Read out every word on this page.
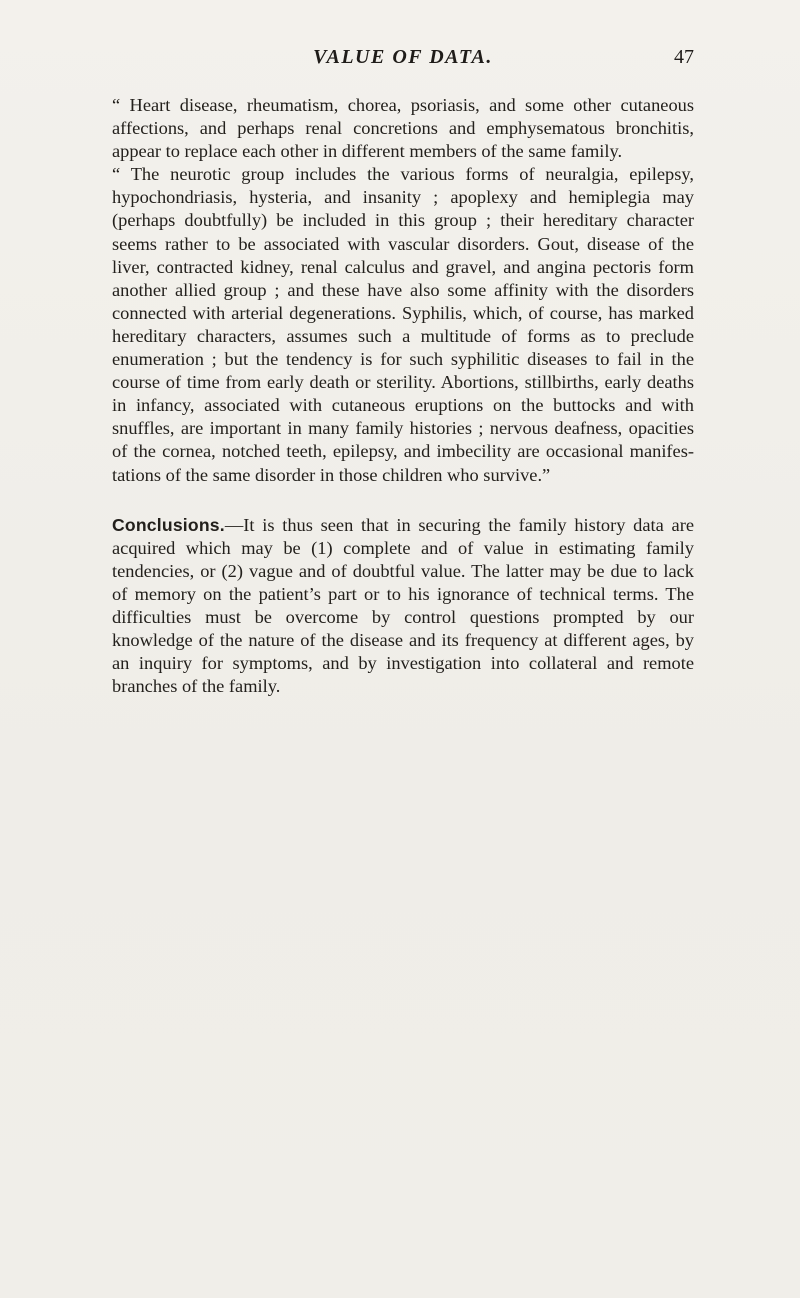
VALUE OF DATA.	47

“ Heart disease, rheumatism, chorea, psoriasis, and some other cutaneous affections, and perhaps renal concretions and emphysematous bronchitis, appear to replace each other in different members of the same family.

“ The neurotic group includes the various forms of neuralgia, epilepsy, hypochondriasis, hysteria, and insanity ; apoplexy and hemiplegia may (perhaps doubtfully) be included in this group ; their hereditary character seems rather to be associated with vascular disorders. Gout, disease of the liver, contracted kidney, renal calculus and gravel, and angina pectoris form another allied group ; and these have also some affinity with the disorders connected with arterial degenerations. Syphilis, which, of course, has marked hereditary characters, assumes such a multitude of forms as to preclude enumeration ; but the tendency is for such syphilitic diseases to fail in the course of time from early death or sterility. Abortions, stillbirths, early deaths in infancy, associated with cutaneous eruptions on the buttocks and with snuffles, are important in many family histories ; nervous deafness, opacities of the cornea, notched teeth, epilepsy, and imbecility are occasional manifestations of the same disorder in those children who survive.”

Conclusions.—It is thus seen that in securing the family history data are acquired which may be (1) complete and of value in estimating family tendencies, or (2) vague and of doubtful value. The latter may be due to lack of memory on the patient’s part or to his ignorance of technical terms. The difficulties must be overcome by control questions prompted by our knowledge of the nature of the disease and its frequency at different ages, by an inquiry for symptoms, and by investigation into collateral and remote branches of the family.
